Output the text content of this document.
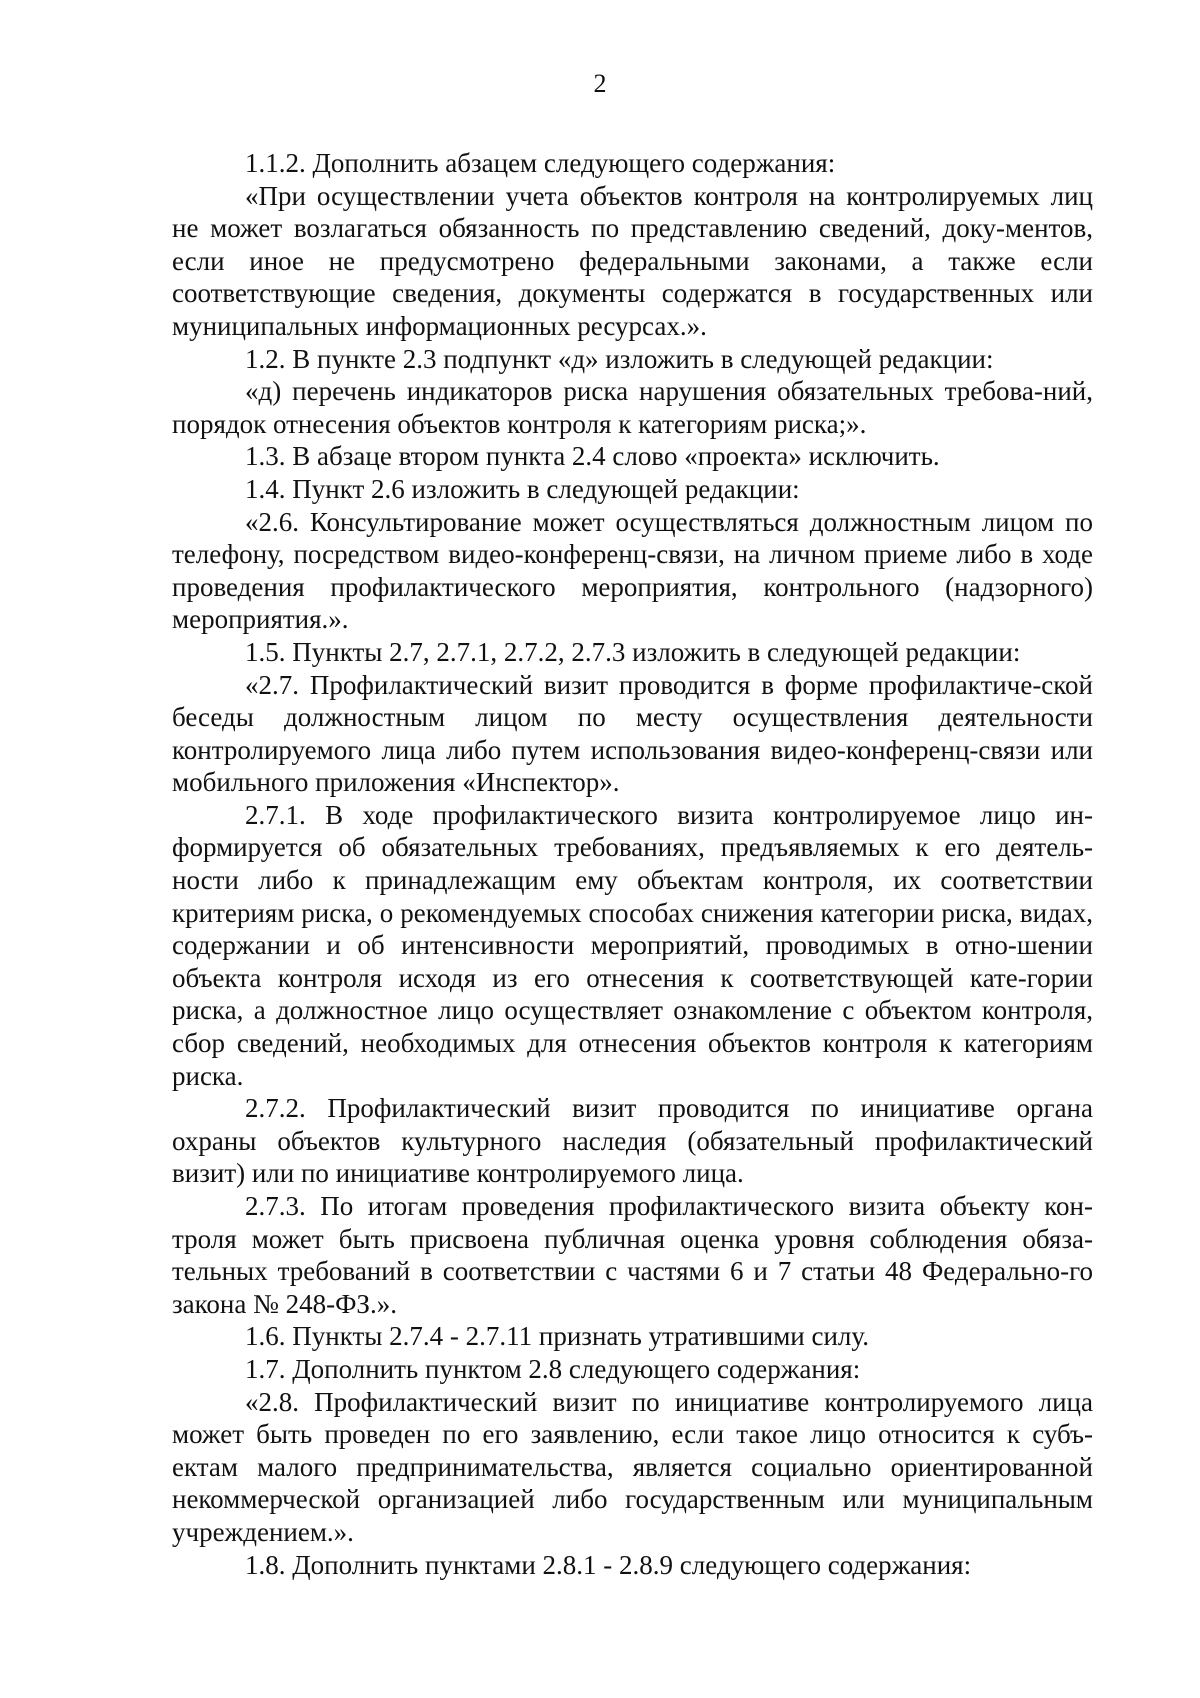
2

1.1.2. Дополнить абзацем следующего содержания:

«При осуществлении учета объектов контроля на контролируемых лиц не может возлагаться обязанность по представлению сведений, доку-ментов, если иное не предусмотрено федеральными законами, а также если соответствующие сведения, документы содержатся в государственных или муниципальных информационных ресурсах.».

1.2. В пункте 2.3 подпункт «д» изложить в следующей редакции:

«д) перечень индикаторов риска нарушения обязательных требова-ний, порядок отнесения объектов контроля к категориям риска;».

1.3. В абзаце втором пункта 2.4 слово «проекта» исключить.

1.4. Пункт 2.6 изложить в следующей редакции:

«2.6. Консультирование может осуществляться должностным лицом по телефону, посредством видео-конференц-связи, на личном приеме либо в ходе проведения профилактического мероприятия, контрольного (надзорного) мероприятия.».

1.5. Пункты 2.7, 2.7.1, 2.7.2, 2.7.3 изложить в следующей редакции:

«2.7. Профилактический визит проводится в форме профилактиче-ской беседы должностным лицом по месту осуществления деятельности контролируемого лица либо путем использования видео-конференц-связи или мобильного приложения «Инспектор».

2.7.1. В ходе профилактического визита контролируемое лицо ин-формируется об обязательных требованиях, предъявляемых к его деятель-ности либо к принадлежащим ему объектам контроля, их соответствии критериям риска, о рекомендуемых способах снижения категории риска, видах, содержании и об интенсивности мероприятий, проводимых в отно-шении объекта контроля исходя из его отнесения к соответствующей кате-гории риска, а должностное лицо осуществляет ознакомление с объектом контроля, сбор сведений, необходимых для отнесения объектов контроля к категориям риска.

2.7.2. Профилактический визит проводится по инициативе органа охраны объектов культурного наследия (обязательный профилактический визит) или по инициативе контролируемого лица.

2.7.3. По итогам проведения профилактического визита объекту кон-троля может быть присвоена публичная оценка уровня соблюдения обяза-тельных требований в соответствии с частями 6 и 7 статьи 48 Федерально-го закона № 248-ФЗ.».

1.6. Пункты 2.7.4 - 2.7.11 признать утратившими силу.

1.7. Дополнить пунктом 2.8 следующего содержания:

«2.8. Профилактический визит по инициативе контролируемого лица может быть проведен по его заявлению, если такое лицо относится к субъ-ектам малого предпринимательства, является социально ориентированной некоммерческой организацией либо государственным или муниципальным учреждением.».

1.8. Дополнить пунктами 2.8.1 - 2.8.9 следующего содержания:
